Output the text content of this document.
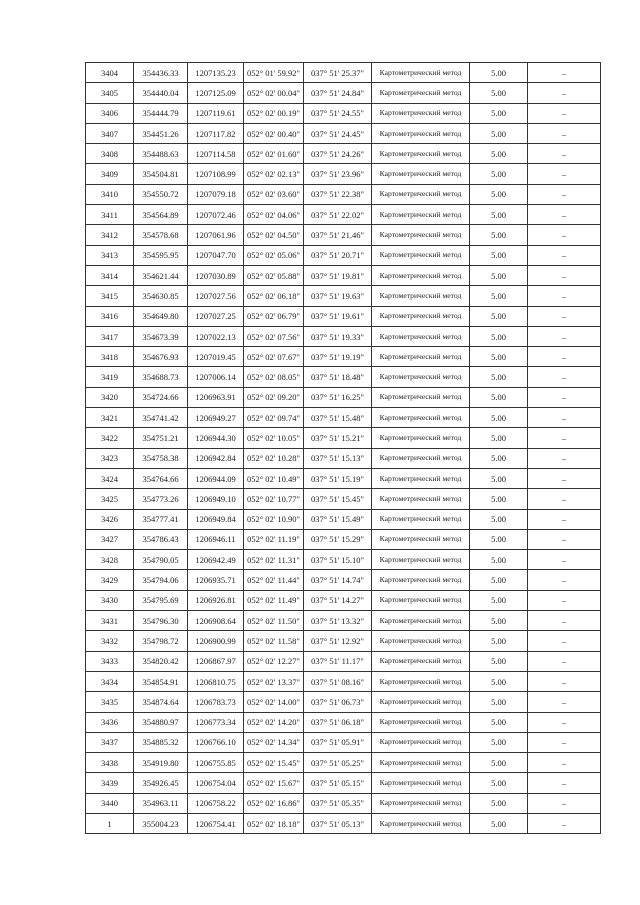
3404	354436.33	1207135.23	052° 01' 59.92"	037° 51' 25.37"	Картометрический метод	5.00	–
3405	354440.04	1207125.09	052° 02' 00.04"	037° 51' 24.84"	Картометрический метод	5.00	–
3406	354444.79	1207119.61	052° 02' 00.19"	037° 51' 24.55"	Картометрический метод	5.00	–
3407	354451.26	1207117.82	052° 02' 00.40"	037° 51' 24.45"	Картометрический метод	5.00	–
3408	354488.63	1207114.58	052° 02' 01.60"	037° 51' 24.26"	Картометрический метод	5.00	–
3409	354504.81	1207108.99	052° 02' 02.13"	037° 51' 23.96"	Картометрический метод	5.00	–
3410	354550.72	1207079.18	052° 02' 03.60"	037° 51' 22.38"	Картометрический метод	5.00	–
3411	354564.89	1207072.46	052° 02' 04.06"	037° 51' 22.02"	Картометрический метод	5.00	–
3412	354578.68	1207061.96	052° 02' 04.50"	037° 51' 21.46"	Картометрический метод	5.00	–
3413	354595.95	1207047.70	052° 02' 05.06"	037° 51' 20.71"	Картометрический метод	5.00	–
3414	354621.44	1207030.89	052° 02' 05.88"	037° 51' 19.81"	Картометрический метод	5.00	–
3415	354630.85	1207027.56	052° 02' 06.18"	037° 51' 19.63"	Картометрический метод	5.00	–
3416	354649.80	1207027.25	052° 02' 06.79"	037° 51' 19.61"	Картометрический метод	5.00	–
3417	354673.39	1207022.13	052° 02' 07.56"	037° 51' 19.33"	Картометрический метод	5.00	–
3418	354676.93	1207019.45	052° 02' 07.67"	037° 51' 19.19"	Картометрический метод	5.00	–
3419	354688.73	1207006.14	052° 02' 08.05"	037° 51' 18.48"	Картометрический метод	5.00	–
3420	354724.66	1206963.91	052° 02' 09.20"	037° 51' 16.25"	Картометрический метод	5.00	–
3421	354741.42	1206949.27	052° 02' 09.74"	037° 51' 15.48"	Картометрический метод	5.00	–
3422	354751.21	1206944.30	052° 02' 10.05"	037° 51' 15.21"	Картометрический метод	5.00	–
3423	354758.38	1206942.84	052° 02' 10.28"	037° 51' 15.13"	Картометрический метод	5.00	–
3424	354764.66	1206944.09	052° 02' 10.49"	037° 51' 15.19"	Картометрический метод	5.00	–
3425	354773.26	1206949.10	052° 02' 10.77"	037° 51' 15.45"	Картометрический метод	5.00	–
3426	354777.41	1206949.84	052° 02' 10.90"	037° 51' 15.49"	Картометрический метод	5.00	–
3427	354786.43	1206946.11	052° 02' 11.19"	037° 51' 15.29"	Картометрический метод	5.00	–
3428	354790.05	1206942.49	052° 02' 11.31"	037° 51' 15.10"	Картометрический метод	5.00	–
3429	354794.06	1206935.71	052° 02' 11.44"	037° 51' 14.74"	Картометрический метод	5.00	–
3430	354795.69	1206926.81	052° 02' 11.49"	037° 51' 14.27"	Картометрический метод	5.00	–
3431	354796.30	1206908.64	052° 02' 11.50"	037° 51' 13.32"	Картометрический метод	5.00	–
3432	354798.72	1206900.99	052° 02' 11.58"	037° 51' 12.92"	Картометрический метод	5.00	–
3433	354820.42	1206867.97	052° 02' 12.27"	037° 51' 11.17"	Картометрический метод	5.00	–
3434	354854.91	1206810.75	052° 02' 13.37"	037° 51' 08.16"	Картометрический метод	5.00	–
3435	354874.64	1206783.73	052° 02' 14.00"	037° 51' 06.73"	Картометрический метод	5.00	–
3436	354880.97	1206773.34	052° 02' 14.20"	037° 51' 06.18"	Картометрический метод	5.00	–
3437	354885.32	1206766.10	052° 02' 14.34"	037° 51' 05.91"	Картометрический метод	5.00	–
3438	354919.80	1206755.85	052° 02' 15.45"	037° 51' 05.25"	Картометрический метод	5.00	–
3439	354926.45	1206754.04	052° 02' 15.67"	037° 51' 05.15"	Картометрический метод	5.00	–
3440	354963.11	1206758.22	052° 02' 16.86"	037° 51' 05.35"	Картометрический метод	5.00	–
1	355004.23	1206754.41	052° 02' 18.18"	037° 51' 05.13"	Картометрический метод	5.00	–
